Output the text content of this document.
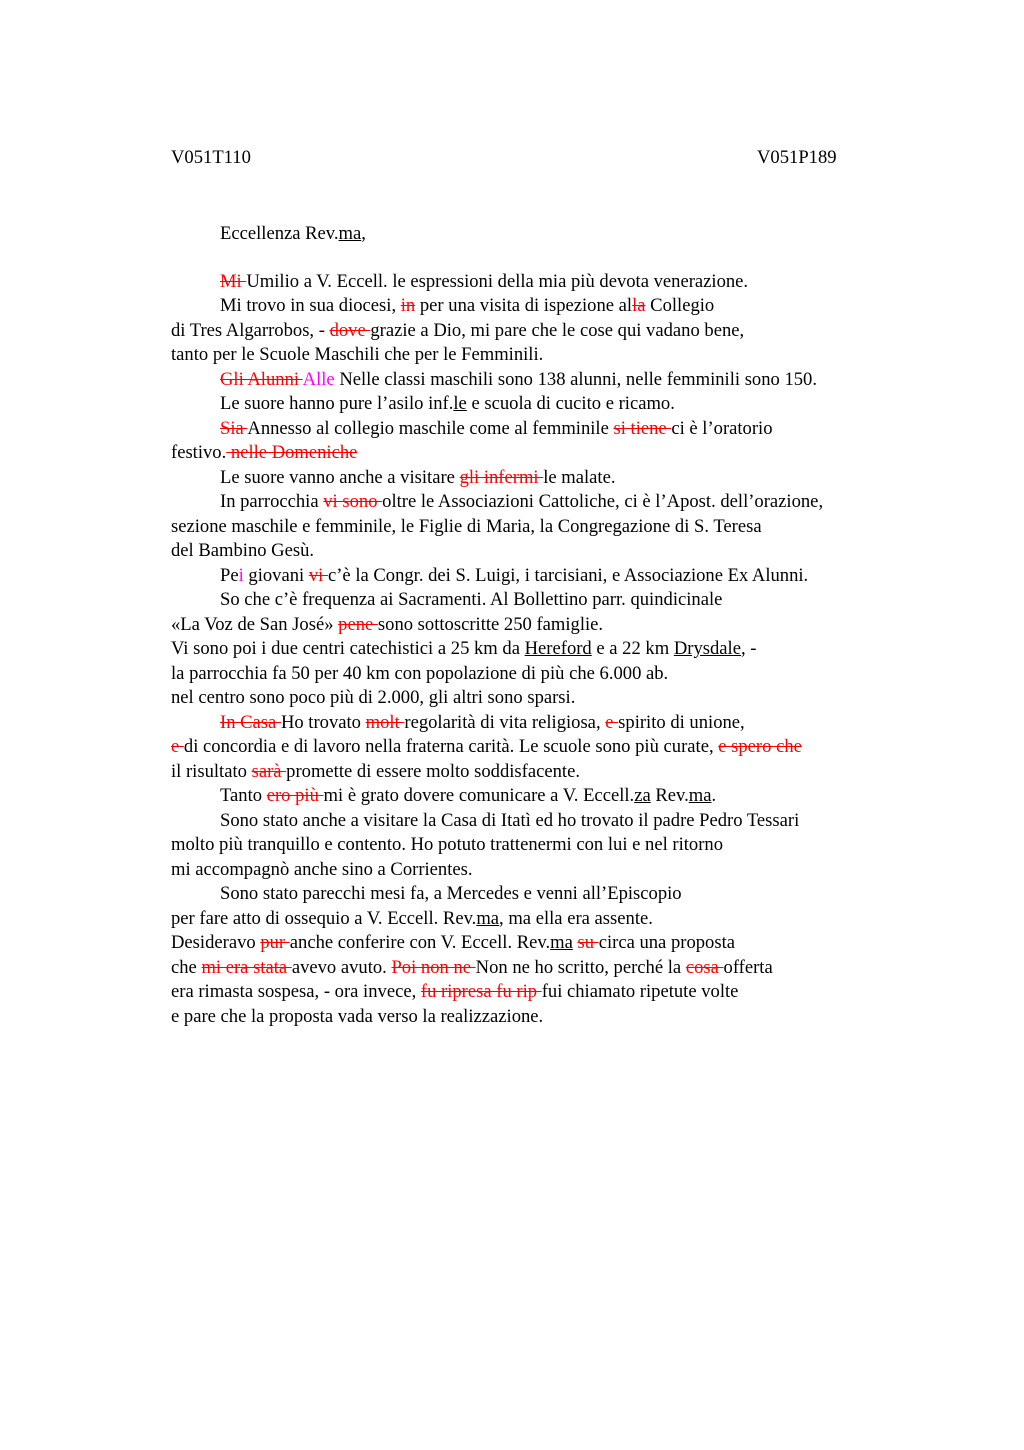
V051T110	V051P189
Eccellenza Rev.ma,
Mi Umilio a V. Eccell. le espressioni della mia più devota venerazione.
Mi trovo in sua diocesi, in per una visita di ispezione alla Collegio
di Tres Algarrobos, - dove grazie a Dio, mi pare che le cose qui vadano bene,
tanto per le Scuole Maschili che per le Femminili.
Gli Alunni Alle Nelle classi maschili sono 138 alunni, nelle femminili sono 150.
Le suore hanno pure l’asilo inf.le e scuola di cucito e ricamo.
Sia Annesso al collegio maschile come al femminile si tiene ci è l’oratorio
festivo. nelle Domeniche
Le suore vanno anche a visitare gli infermi le malate.
In parrocchia vi sono oltre le Associazioni Cattoliche, ci è l’Apost. dell’orazione,
sezione maschile e femminile, le Figlie di Maria, la Congregazione di S. Teresa
del Bambino Gesù.
Pei giovani vi c’è la Congr. dei S. Luigi, i tarcisiani, e Associazione Ex Alunni.
So che c’è frequenza ai Sacramenti. Al Bollettino parr. quindicinale
«La Voz de San José» pene sono sottoscritte 250 famiglie.
Vi sono poi i due centri catechistici a 25 km da Hereford e a 22 km Drysdale, -
la parrocchia fa 50 per 40 km con popolazione di più che 6.000 ab.
nel centro sono poco più di 2.000, gli altri sono sparsi.
In Casa Ho trovato molt regolarità di vita religiosa, e spirito di unione,
e di concordia e di lavoro nella fraterna carità. Le scuole sono più curate, e spero che
il risultato sarà promette di essere molto soddisfacente.
Tanto ero più mi è grato dovere comunicare a V. Eccell.za Rev.ma.
Sono stato anche a visitare la Casa di Itatì ed ho trovato il padre Pedro Tessari
molto più tranquillo e contento. Ho potuto trattenermi con lui e nel ritorno
mi accompagnò anche sino a Corrientes.
Sono stato parecchi mesi fa, a Mercedes e venni all’Episcopio
per fare atto di ossequio a V. Eccell. Rev.ma, ma ella era assente.
Desideravo pur anche conferire con V. Eccell. Rev.ma su circa una proposta
che mi era stata avevo avuto. Poi non ne Non ne ho scritto, perché la cosa offerta
era rimasta sospesa, - ora invece, fu ripresa fu rip fui chiamato ripetute volte
e pare che la proposta vada verso la realizzazione.
